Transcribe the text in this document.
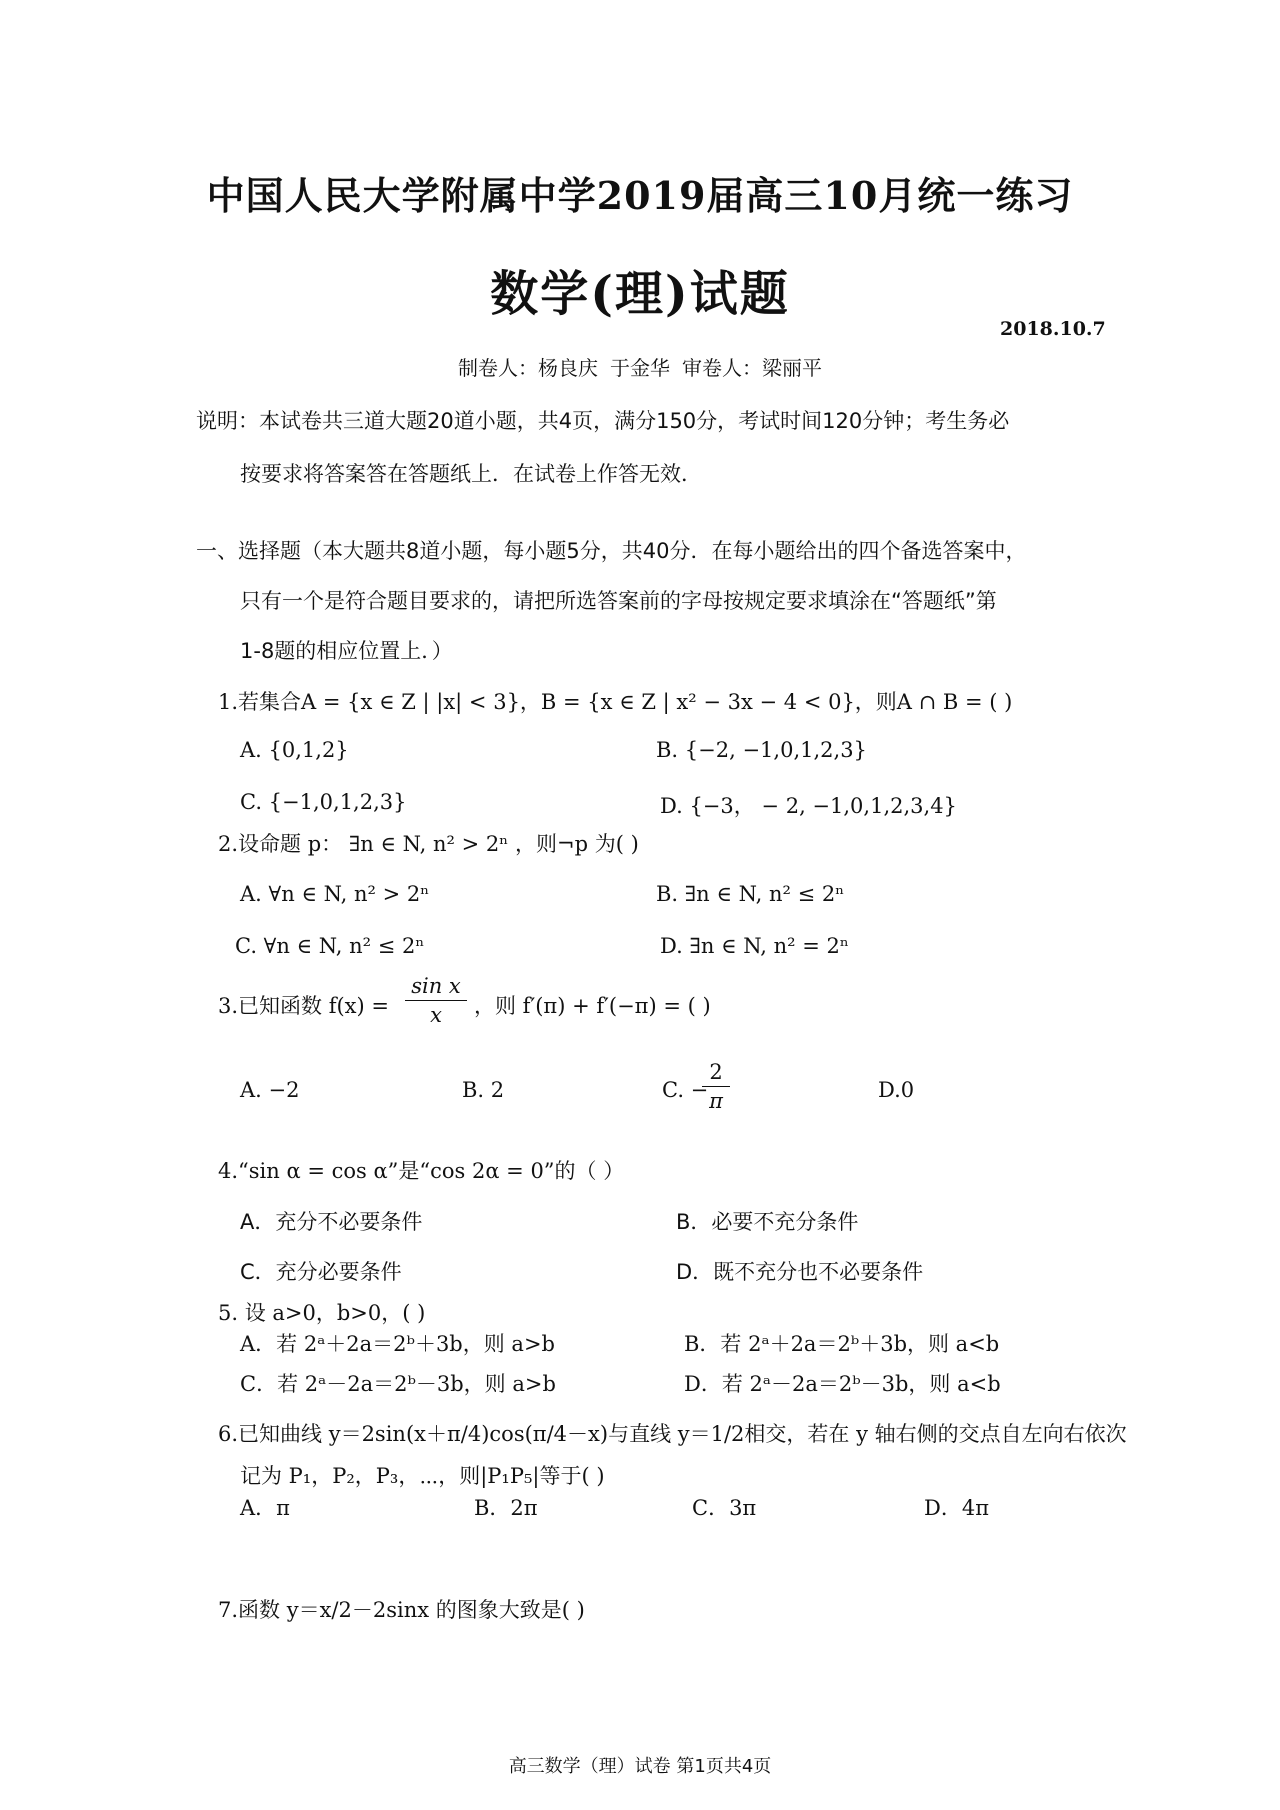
中国人民大学附属中学2019届高三10月统一练习
数学(理)试题
2018.10.7
制卷人：杨良庆 于金华 审卷人：梁丽平
说明：本试卷共三道大题20道小题，共4页，满分150分，考试时间120分钟；考生务必
按要求将答案答在答题纸上．在试卷上作答无效．
一、选择题（本大题共8道小题，每小题5分，共40分．在每小题给出的四个备选答案中，
只有一个是符合题目要求的，请把所选答案前的字母按规定要求填涂在“答题纸”第
1-8题的相应位置上．）
1.若集合A = {x ∈ Z | |x| < 3}，B = {x ∈ Z | x² − 3x − 4 < 0}，则A ∩ B = ( )
A. {0,1,2}	B. {−2, −1,0,1,2,3}
C. {−1,0,1,2,3}	D. {−3， − 2, −1,0,1,2,3,4}
2.设命题 p： ∃n ∈ N, n² > 2ⁿ ，则¬p 为( )
A. ∀n ∈ N, n² > 2ⁿ	B. ∃n ∈ N, n² ≤ 2ⁿ
C. ∀n ∈ N, n² ≤ 2ⁿ	D. ∃n ∈ N, n² = 2ⁿ
3.已知函数 $f(x) = \frac{\text{sin x}}{x}$ ，则 f′(π) + f′(−π) = ( )
A. −2	B. 2	C. −
$\frac{2}{\pi}$	D.0
4.“sin α = cos α”是“cos 2α = 0”的（ ）
A．充分不必要条件	B．必要不充分条件
C．充分必要条件	D．既不充分也不必要条件
5. 设 a>0，b>0，( )
A．若 2ᵃ＋2a＝2ᵇ＋3b，则 a>b	B．若 2ᵃ＋2a＝2ᵇ＋3b，则 a<b
C．若 2ᵃ－2a＝2ᵇ－3b，则 a>b	D．若 2ᵃ－2a＝2ᵇ－3b，则 a<b
6.已知曲线 y＝2sin(x＋π/4)cos(π/4－x)与直线 y＝1/2相交，若在 y 轴右侧的交点自左向右依次
记为 P₁，P₂，P₃，⋯，则|P₁P₅|等于( )
A．π	B．2π	C．3π	D．4π
7.函数 y＝x/2－2sinx 的图象大致是( )
高三数学（理）试卷 第1页共4页
